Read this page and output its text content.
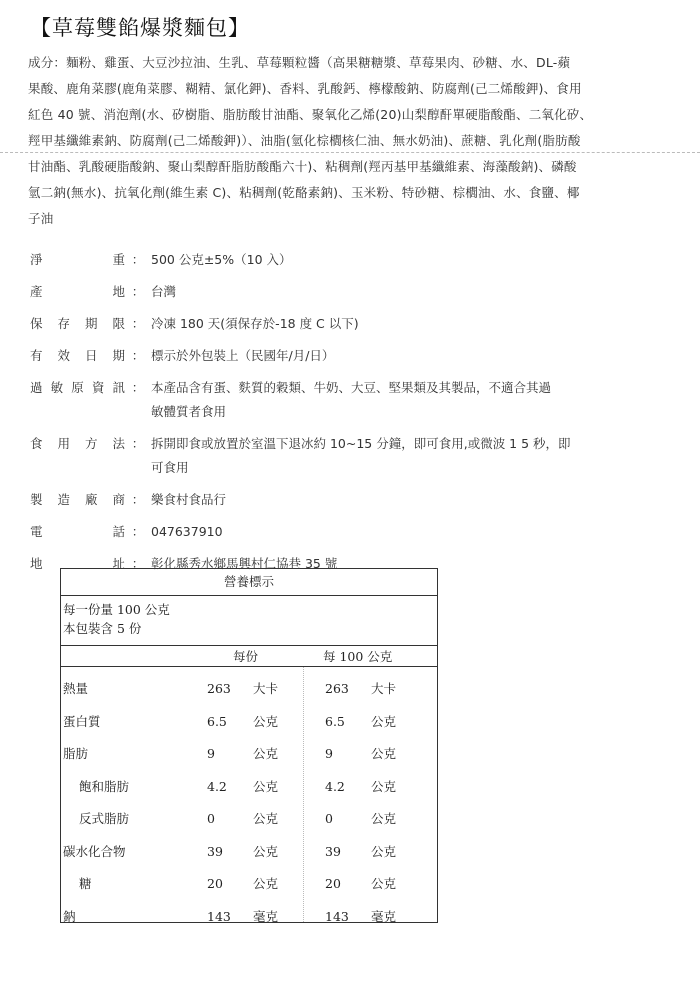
【草莓雙餡爆漿麵包】
成分：麵粉、雞蛋、大豆沙拉油、生乳、草莓顆粒醬（高果糖糖漿、草莓果肉、砂糖、水、DL-蘋
果酸、鹿角菜膠(鹿角菜膠、糊精、氯化鉀)、香料、乳酸鈣、檸檬酸鈉、防腐劑(己二烯酸鉀)、食用
紅色 40 號、消泡劑(水、矽樹脂、脂肪酸甘油酯、聚氧化乙烯(20)山梨醇酐單硬脂酸酯、二氧化矽、
羥甲基纖維素鈉、防腐劑(己二烯酸鉀)）、油脂(氫化棕櫚核仁油、無水奶油)、蔗糖、乳化劑(脂肪酸
甘油酯、乳酸硬脂酸鈉、聚山梨醇酐脂肪酸酯六十)、粘稠劑(羥丙基甲基纖維素、海藻酸鈉)、磷酸
氫二鈉(無水)、抗氧化劑(維生素 C)、粘稠劑(乾酪素鈉)、玉米粉、特砂糖、棕櫚油、水、食鹽、椰
子油
淨	重 ： 500 公克±5%（10 入）
產	地 ： 台灣
保 存 期 限 ： 冷凍 180 天(須保存於-18 度 C 以下)
有 效 日 期 ： 標示於外包裝上（民國年/月/日）
過 敏 原 資 訊 ： 本產品含有蛋、麩質的穀類、牛奶、大豆、堅果類及其製品，不適合其過
敏體質者食用
食 用 方 法 ： 拆開即食或放置於室溫下退冰約 10~15 分鐘，即可食用,或微波 1 5 秒，即
可食用
製 造 廠 商 ： 樂食村食品行
電	話 ： 047637910
地	址 ： 彰化縣秀水鄉馬興村仁協巷 35 號
營養標示
每一份量 100 公克
本包裝含 5 份
每份	每 100 公克
熱量	263 大卡	263 大卡
蛋白質	6.5 公克	6.5 公克
脂肪	9	公克	9	公克
飽和脂肪	4.2 公克	4.2 公克
反式脂肪	0	公克	0	公克
碳水化合物	39 公克	39 公克
糖	20 公克	20 公克
鈉	143 毫克	143 毫克
